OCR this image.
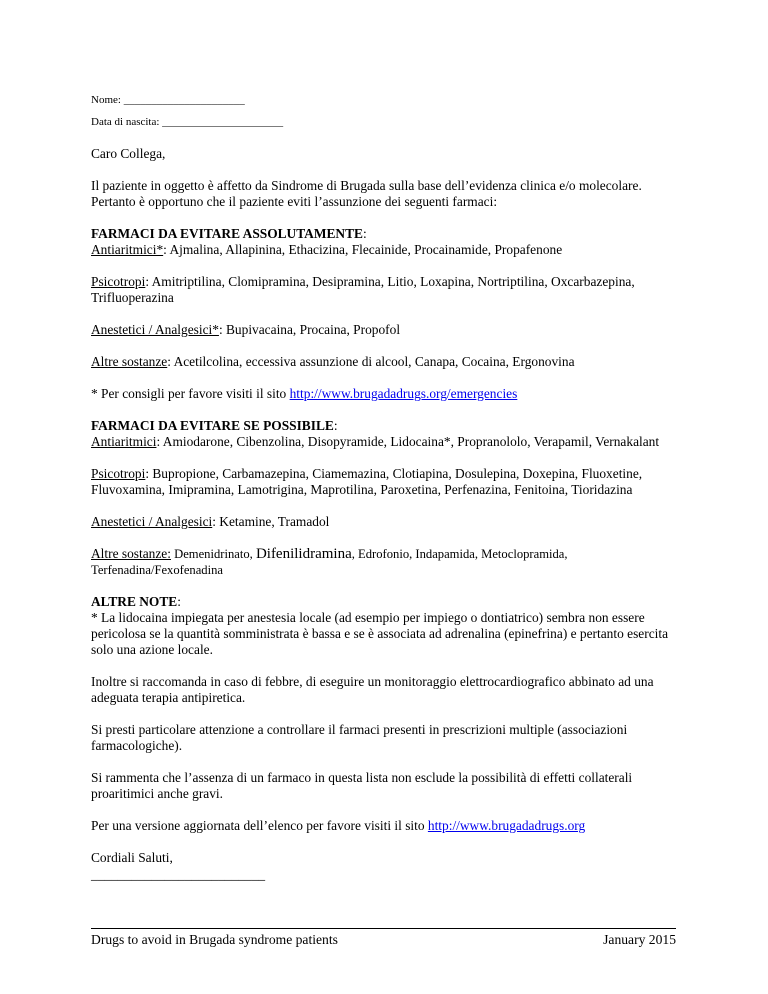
Nome: ______________________

Data di nascita: ______________________

Caro Collega,

Il paziente in oggetto è affetto da Sindrome di Brugada sulla base dell’evidenza clinica e/o molecolare. Pertanto è opportuno che il paziente eviti l’assunzione dei seguenti farmaci:

FARMACI DA EVITARE ASSOLUTAMENTE:
Antiaritmici*: Ajmalina, Allapinina, Ethacizina, Flecainide, Procainamide, Propafenone

Psicotropi: Amitriptilina, Clomipramina, Desipramina, Litio, Loxapina, Nortriptilina, Oxcarbazepina, Trifluoperazina

Anestetici / Analgesici*: Bupivacaina, Procaina, Propofol

Altre sostanze: Acetilcolina, eccessiva assunzione di alcool, Canapa, Cocaina, Ergonovina

* Per consigli per favore visiti il sito http://www.brugadadrugs.org/emergencies

FARMACI DA EVITARE SE POSSIBILE:
Antiaritmici: Amiodarone, Cibenzolina, Disopyramide, Lidocaina*, Propranololo, Verapamil, Vernakalant

Psicotropi: Bupropione, Carbamazepina, Ciamemazina, Clotiapina, Dosulepina, Doxepina, Fluoxetine, Fluvoxamina, Imipramina, Lamotrigina, Maprotilina, Paroxetina, Perfenazina, Fenitoina, Tioridazina

Anestetici / Analgesici: Ketamine, Tramadol

Altre sostanze: Demenidrinato, Difenilidramina, Edrofonio, Indapamida, Metoclopramida, Terfenadina/Fexofenadina

ALTRE NOTE:
* La lidocaina impiegata per anestesia locale (ad esempio per impiego o dontiatrico) sembra non essere pericolosa se la quantità somministrata è bassa e se è associata ad adrenalina (epinefrina) e pertanto esercita solo una azione locale.

Inoltre si raccomanda in caso di febbre, di eseguire un monitoraggio elettrocardiografico abbinato ad una adeguata terapia antipiretica.

Si presti particolare attenzione a controllare il farmaci presenti in prescrizioni multiple (associazioni farmacologiche).

Si rammenta che l’assenza di un farmaco in questa lista non esclude la possibilità di effetti collaterali proaritimici anche gravi.

Per una versione aggiornata dell’elenco per favore visiti il sito http://www.brugadadrugs.org

Cordiali Saluti,

__________________________
Drugs to avoid in Brugada syndrome patients	January 2015
